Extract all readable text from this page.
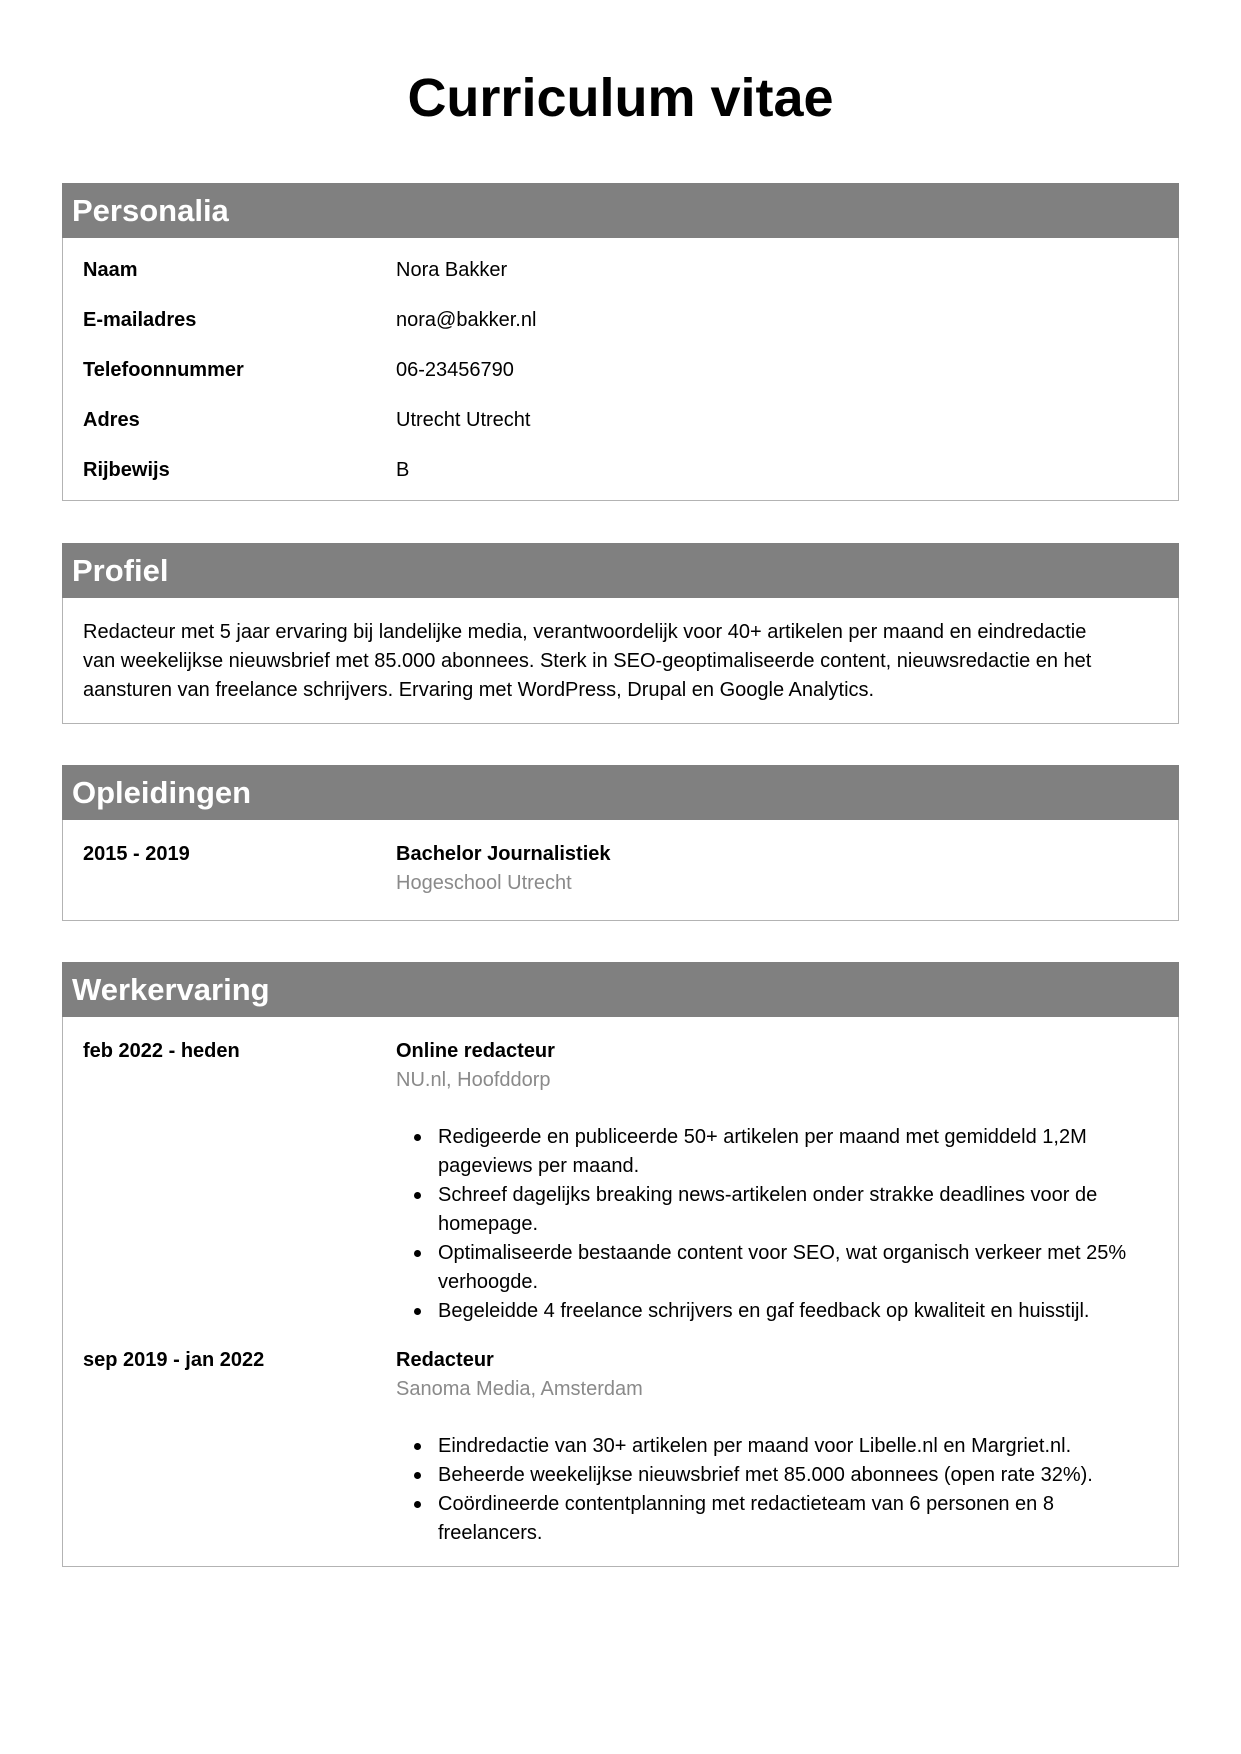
Curriculum vitae
Personalia
Naam	Nora Bakker
E-mailadres	nora@bakker.nl
Telefoonnummer	06-23456790
Adres	Utrecht Utrecht
Rijbewijs	B
Profiel

Redacteur met 5 jaar ervaring bij landelijke media, verantwoordelijk voor 40+ artikelen per maand en eindredactie
van weekelijkse nieuwsbrief met 85.000 abonnees. Sterk in SEO-geoptimaliseerde content, nieuwsredactie en het
aansturen van freelance schrijvers. Ervaring met WordPress, Drupal en Google Analytics.

Opleidingen
2015 - 2019	Bachelor Journalistiek
Hogeschool Utrecht
Werkervaring
feb 2022 - heden	Online redacteur
NU.nl, Hoofddorp
Redigeerde en publiceerde 50+ artikelen per maand met gemiddeld 1,2M
pageviews per maand.
Schreef dagelijks breaking news-artikelen onder strakke deadlines voor de
homepage.
Optimaliseerde bestaande content voor SEO, wat organisch verkeer met 25%
verhoogde.
Begeleidde 4 freelance schrijvers en gaf feedback op kwaliteit en huisstijl.
sep 2019 - jan 2022	Redacteur
Sanoma Media, Amsterdam
Eindredactie van 30+ artikelen per maand voor Libelle.nl en Margriet.nl.
Beheerde weekelijkse nieuwsbrief met 85.000 abonnees (open rate 32%).
Coördineerde contentplanning met redactieteam van 6 personen en 8
freelancers.
